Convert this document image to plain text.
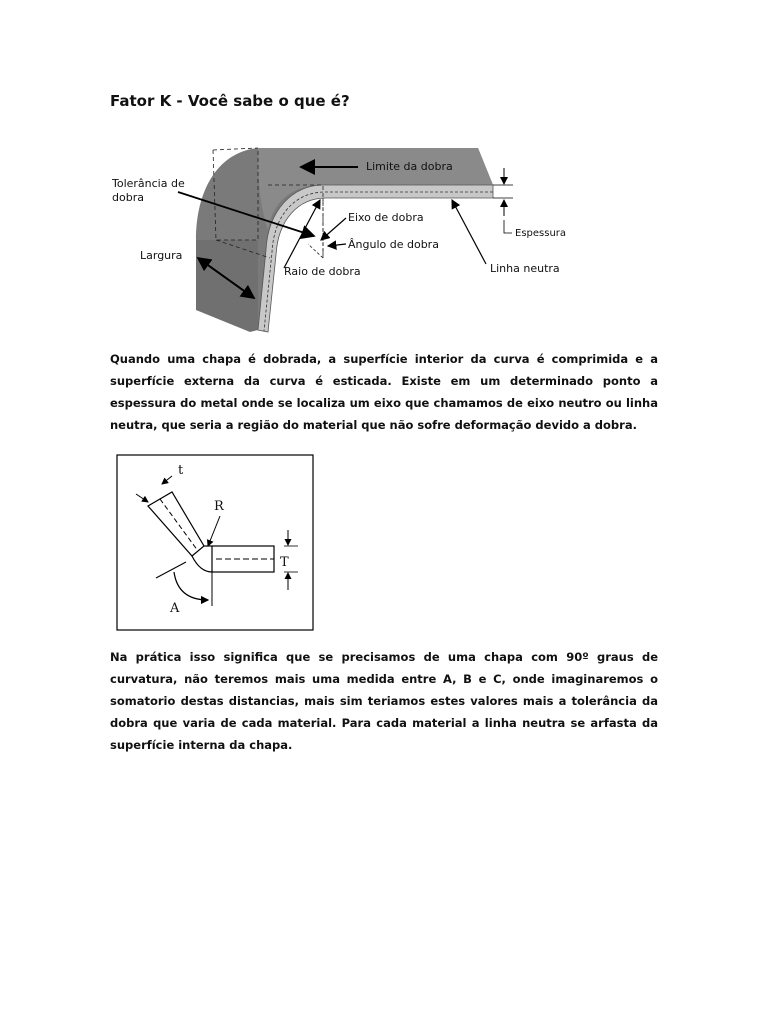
Fator K - Você sabe o que é?
Limite da dobra
Tolerância de
dobra
Eixo de dobra
Ângulo de dobra
Largura
Raio de dobra
Espessura
Linha neutra

Quando uma chapa é dobrada, a superfície interior da curva é comprimida e a superfície externa da curva é esticada. Existe em um determinado ponto a espessura do metal onde se localiza um eixo que chamamos de eixo neutro ou linha neutra, que seria a região do material que não sofre deformação devido a dobra.

t
R
T
A

Na prática isso significa que se precisamos de uma chapa com 90º graus de curvatura, não teremos mais uma medida entre A, B e C, onde imaginaremos o somatorio destas distancias, mais sim teriamos estes valores mais a tolerância da dobra que varia de cada material. Para cada material a linha neutra se arfasta da superfície interna da chapa.
